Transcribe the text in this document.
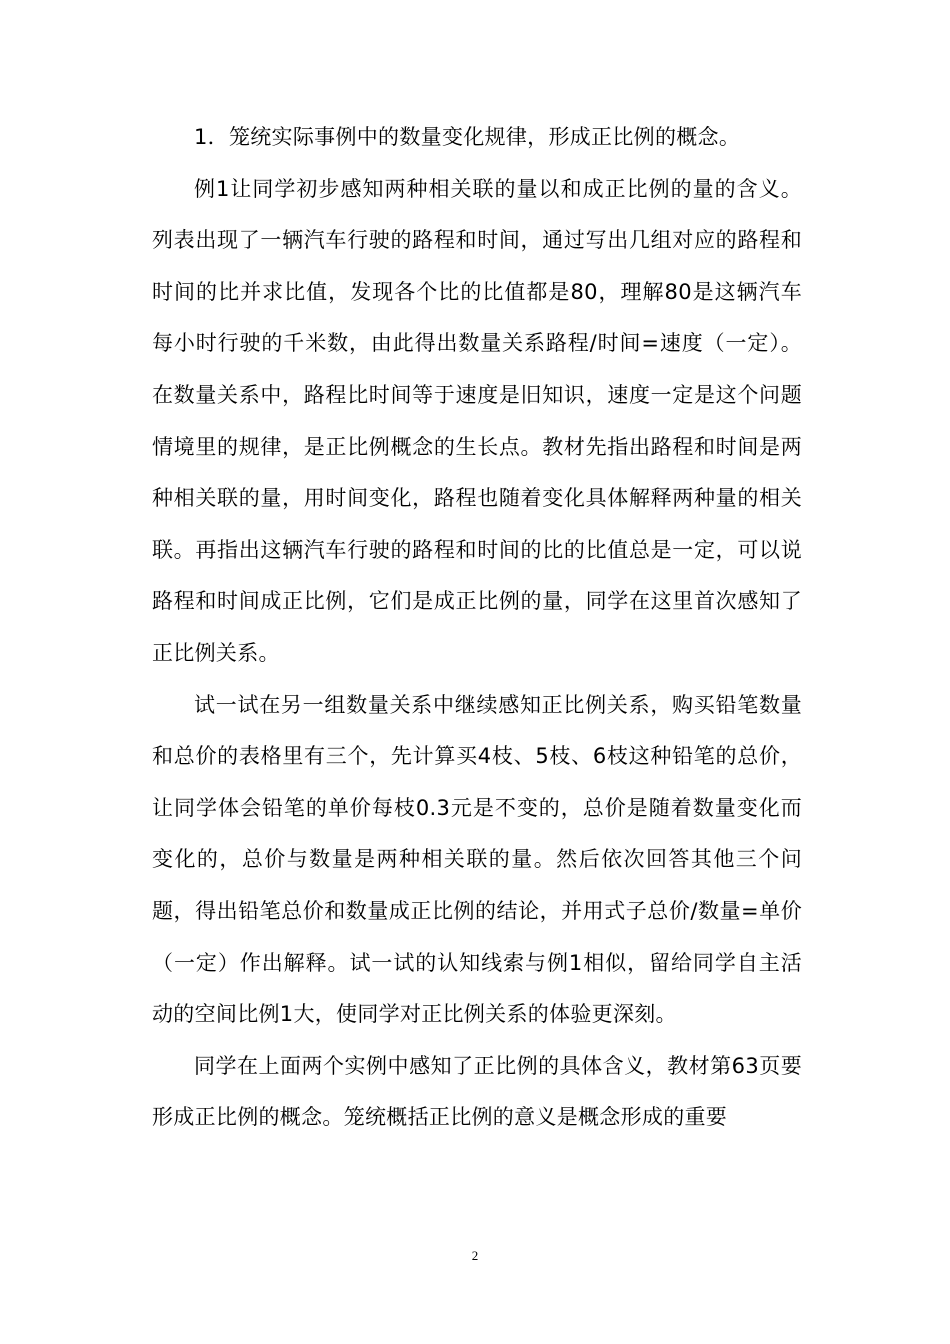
1．笼统实际事例中的数量变化规律，形成正比例的概念。

例1让同学初步感知两种相关联的量以和成正比例的量的含义。列表出现了一辆汽车行驶的路程和时间，通过写出几组对应的路程和时间的比并求比值，发现各个比的比值都是80，理解80是这辆汽车每小时行驶的千米数，由此得出数量关系路程/时间=速度（一定）。在数量关系中，路程比时间等于速度是旧知识，速度一定是这个问题情境里的规律，是正比例概念的生长点。教材先指出路程和时间是两种相关联的量，用时间变化，路程也随着变化具体解释两种量的相关联。再指出这辆汽车行驶的路程和时间的比的比值总是一定，可以说路程和时间成正比例，它们是成正比例的量，同学在这里首次感知了正比例关系。

试一试在另一组数量关系中继续感知正比例关系，购买铅笔数量和总价的表格里有三个，先计算买4枝、5枝、6枝这种铅笔的总价，让同学体会铅笔的单价每枝0.3元是不变的，总价是随着数量变化而变化的，总价与数量是两种相关联的量。然后依次回答其他三个问题，得出铅笔总价和数量成正比例的结论，并用式子总价/数量=单价（一定）作出解释。试一试的认知线索与例1相似，留给同学自主活动的空间比例1大，使同学对正比例关系的体验更深刻。

同学在上面两个实例中感知了正比例的具体含义，教材第63页要形成正比例的概念。笼统概括正比例的意义是概念形成的重要

2
